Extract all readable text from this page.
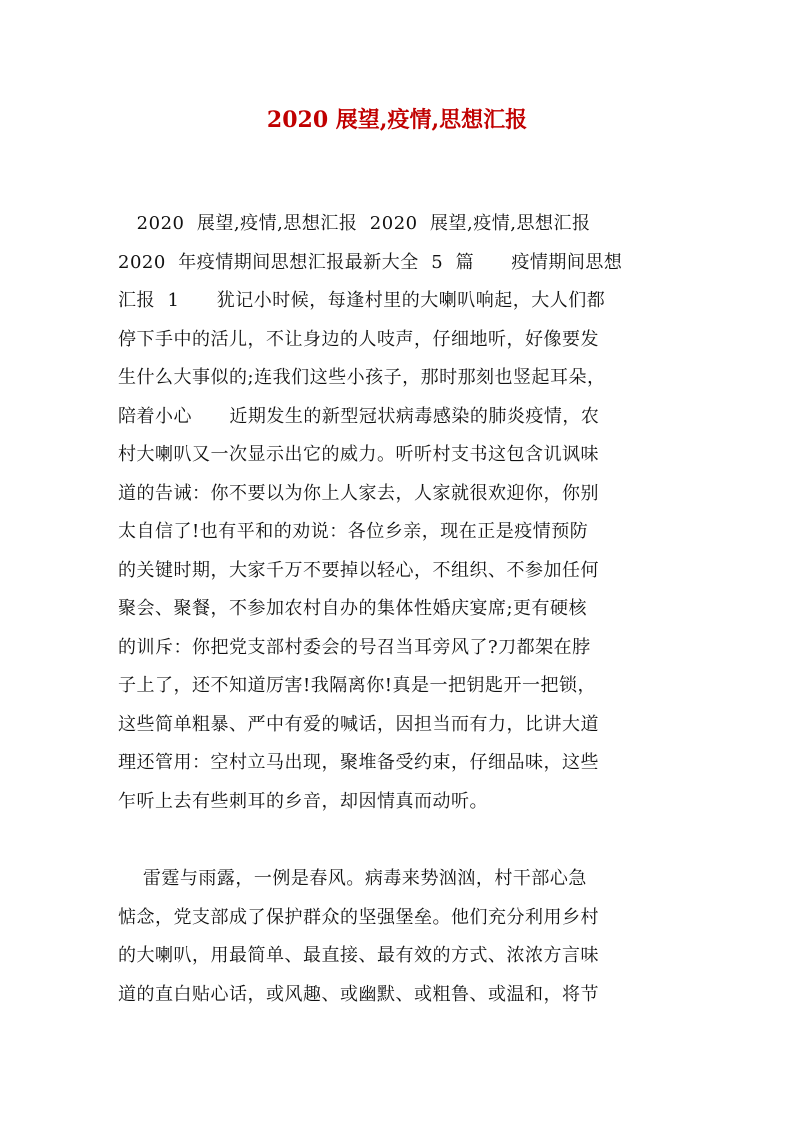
2020 展望,疫情,思想汇报
2020  展望,疫情,思想汇报  2020  展望,疫情,思想汇报
2020  年疫情期间思想汇报最新大全  5  篇      疫情期间思想
汇报  1      犹记小时候，每逢村里的大喇叭响起，大人们都
停下手中的活儿，不让身边的人吱声，仔细地听，好像要发
生什么大事似的;连我们这些小孩子，那时那刻也竖起耳朵，
陪着小心      近期发生的新型冠状病毒感染的肺炎疫情，农
村大喇叭又一次显示出它的威力。听听村支书这包含讥讽味
道的告诫：你不要以为你上人家去，人家就很欢迎你，你别
太自信了!也有平和的劝说：各位乡亲，现在正是疫情预防
的关键时期，大家千万不要掉以轻心，不组织、不参加任何
聚会、聚餐，不参加农村自办的集体性婚庆宴席;更有硬核
的训斥：你把党支部村委会的号召当耳旁风了?刀都架在脖
子上了，还不知道厉害!我隔离你!真是一把钥匙开一把锁，
这些简单粗暴、严中有爱的喊话，因担当而有力，比讲大道
理还管用：空村立马出现，聚堆备受约束，仔细品味，这些
乍听上去有些刺耳的乡音，却因情真而动听。
雷霆与雨露，一例是春风。病毒来势汹汹，村干部心急
惦念，党支部成了保护群众的坚强堡垒。他们充分利用乡村
的大喇叭，用最简单、最直接、最有效的方式、浓浓方言味
道的直白贴心话，或风趣、或幽默、或粗鲁、或温和，将节
